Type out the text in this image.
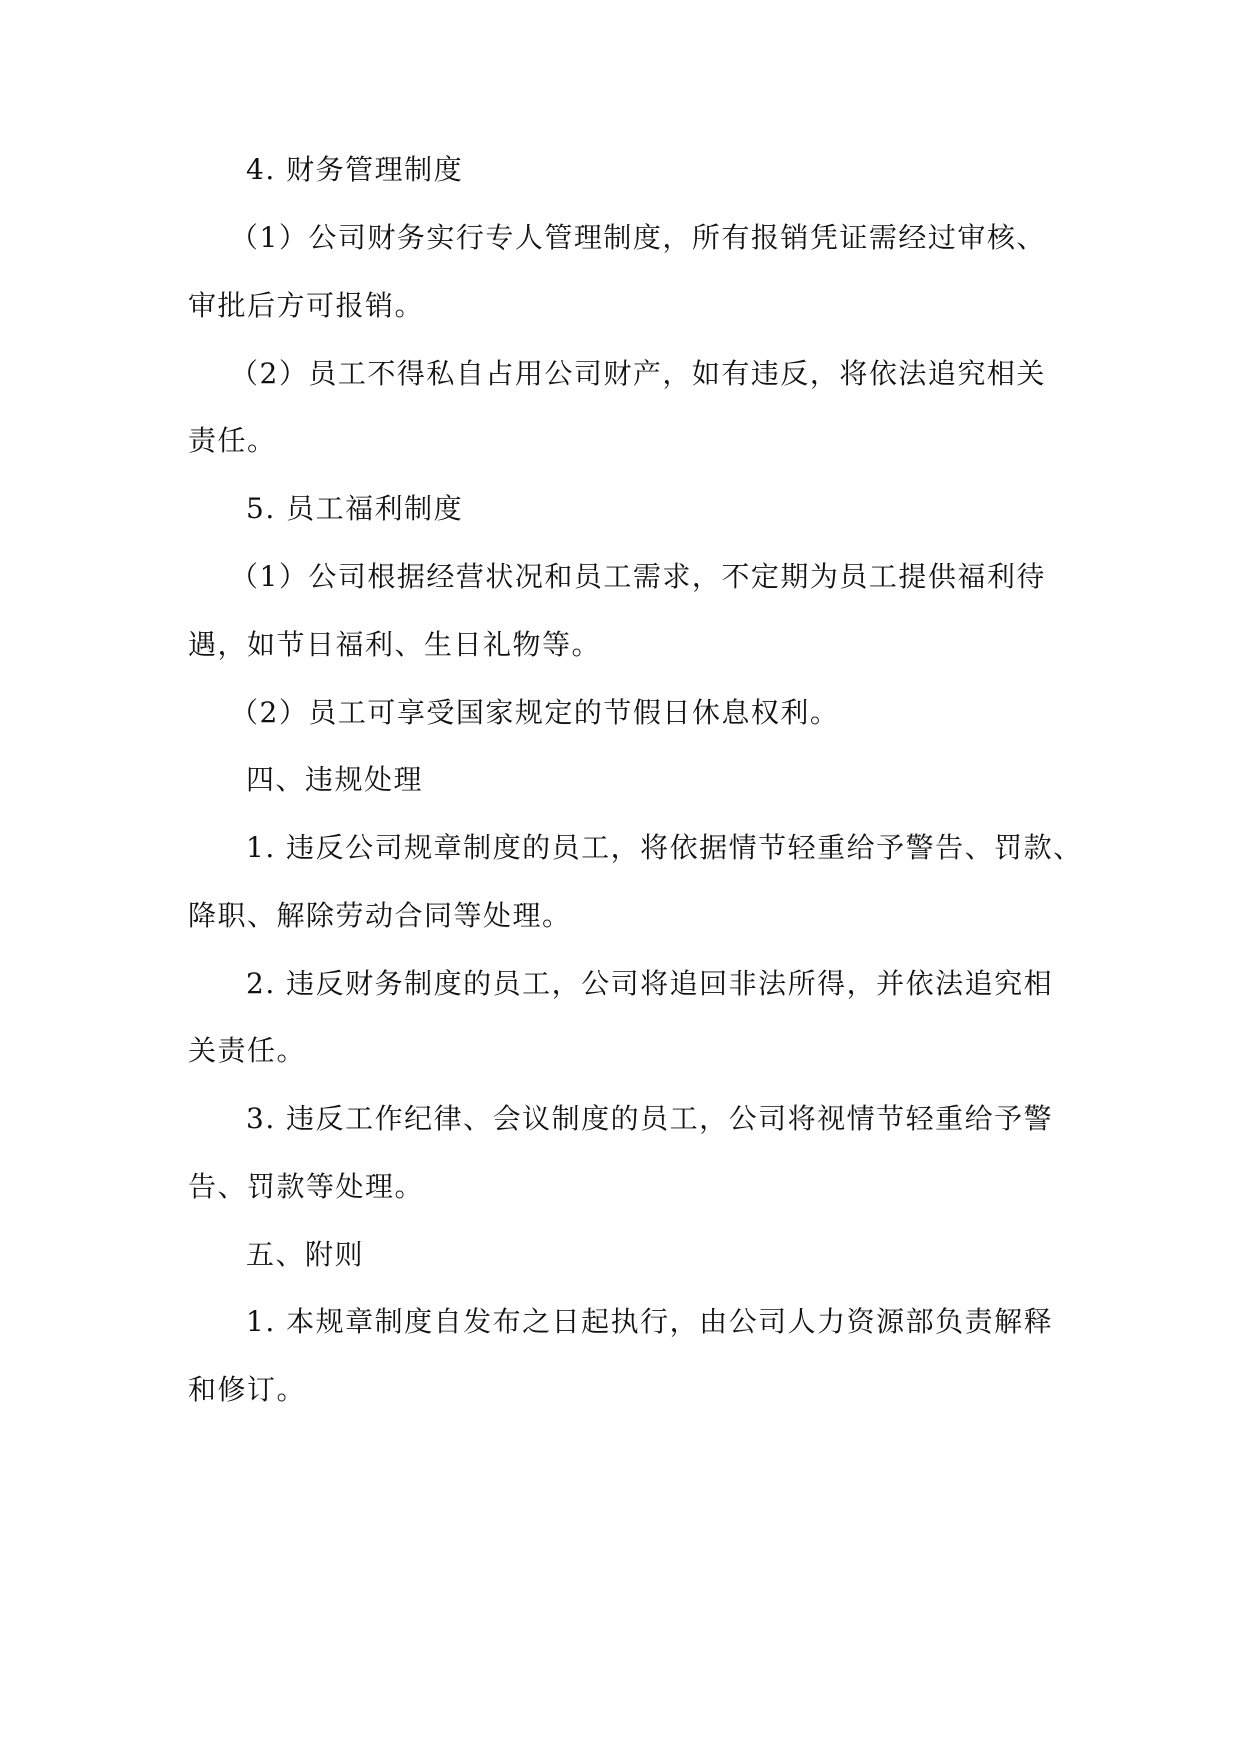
4. 财务管理制度
（1）公司财务实行专人管理制度，所有报销凭证需经过审核、
审批后方可报销。
（2）员工不得私自占用公司财产，如有违反，将依法追究相关
责任。
5. 员工福利制度
（1）公司根据经营状况和员工需求，不定期为员工提供福利待
遇，如节日福利、生日礼物等。
（2）员工可享受国家规定的节假日休息权利。
四、违规处理
1. 违反公司规章制度的员工，将依据情节轻重给予警告、罚款、
降职、解除劳动合同等处理。
2. 违反财务制度的员工，公司将追回非法所得，并依法追究相
关责任。
3. 违反工作纪律、会议制度的员工，公司将视情节轻重给予警
告、罚款等处理。
五、附则
1. 本规章制度自发布之日起执行，由公司人力资源部负责解释
和修订。
